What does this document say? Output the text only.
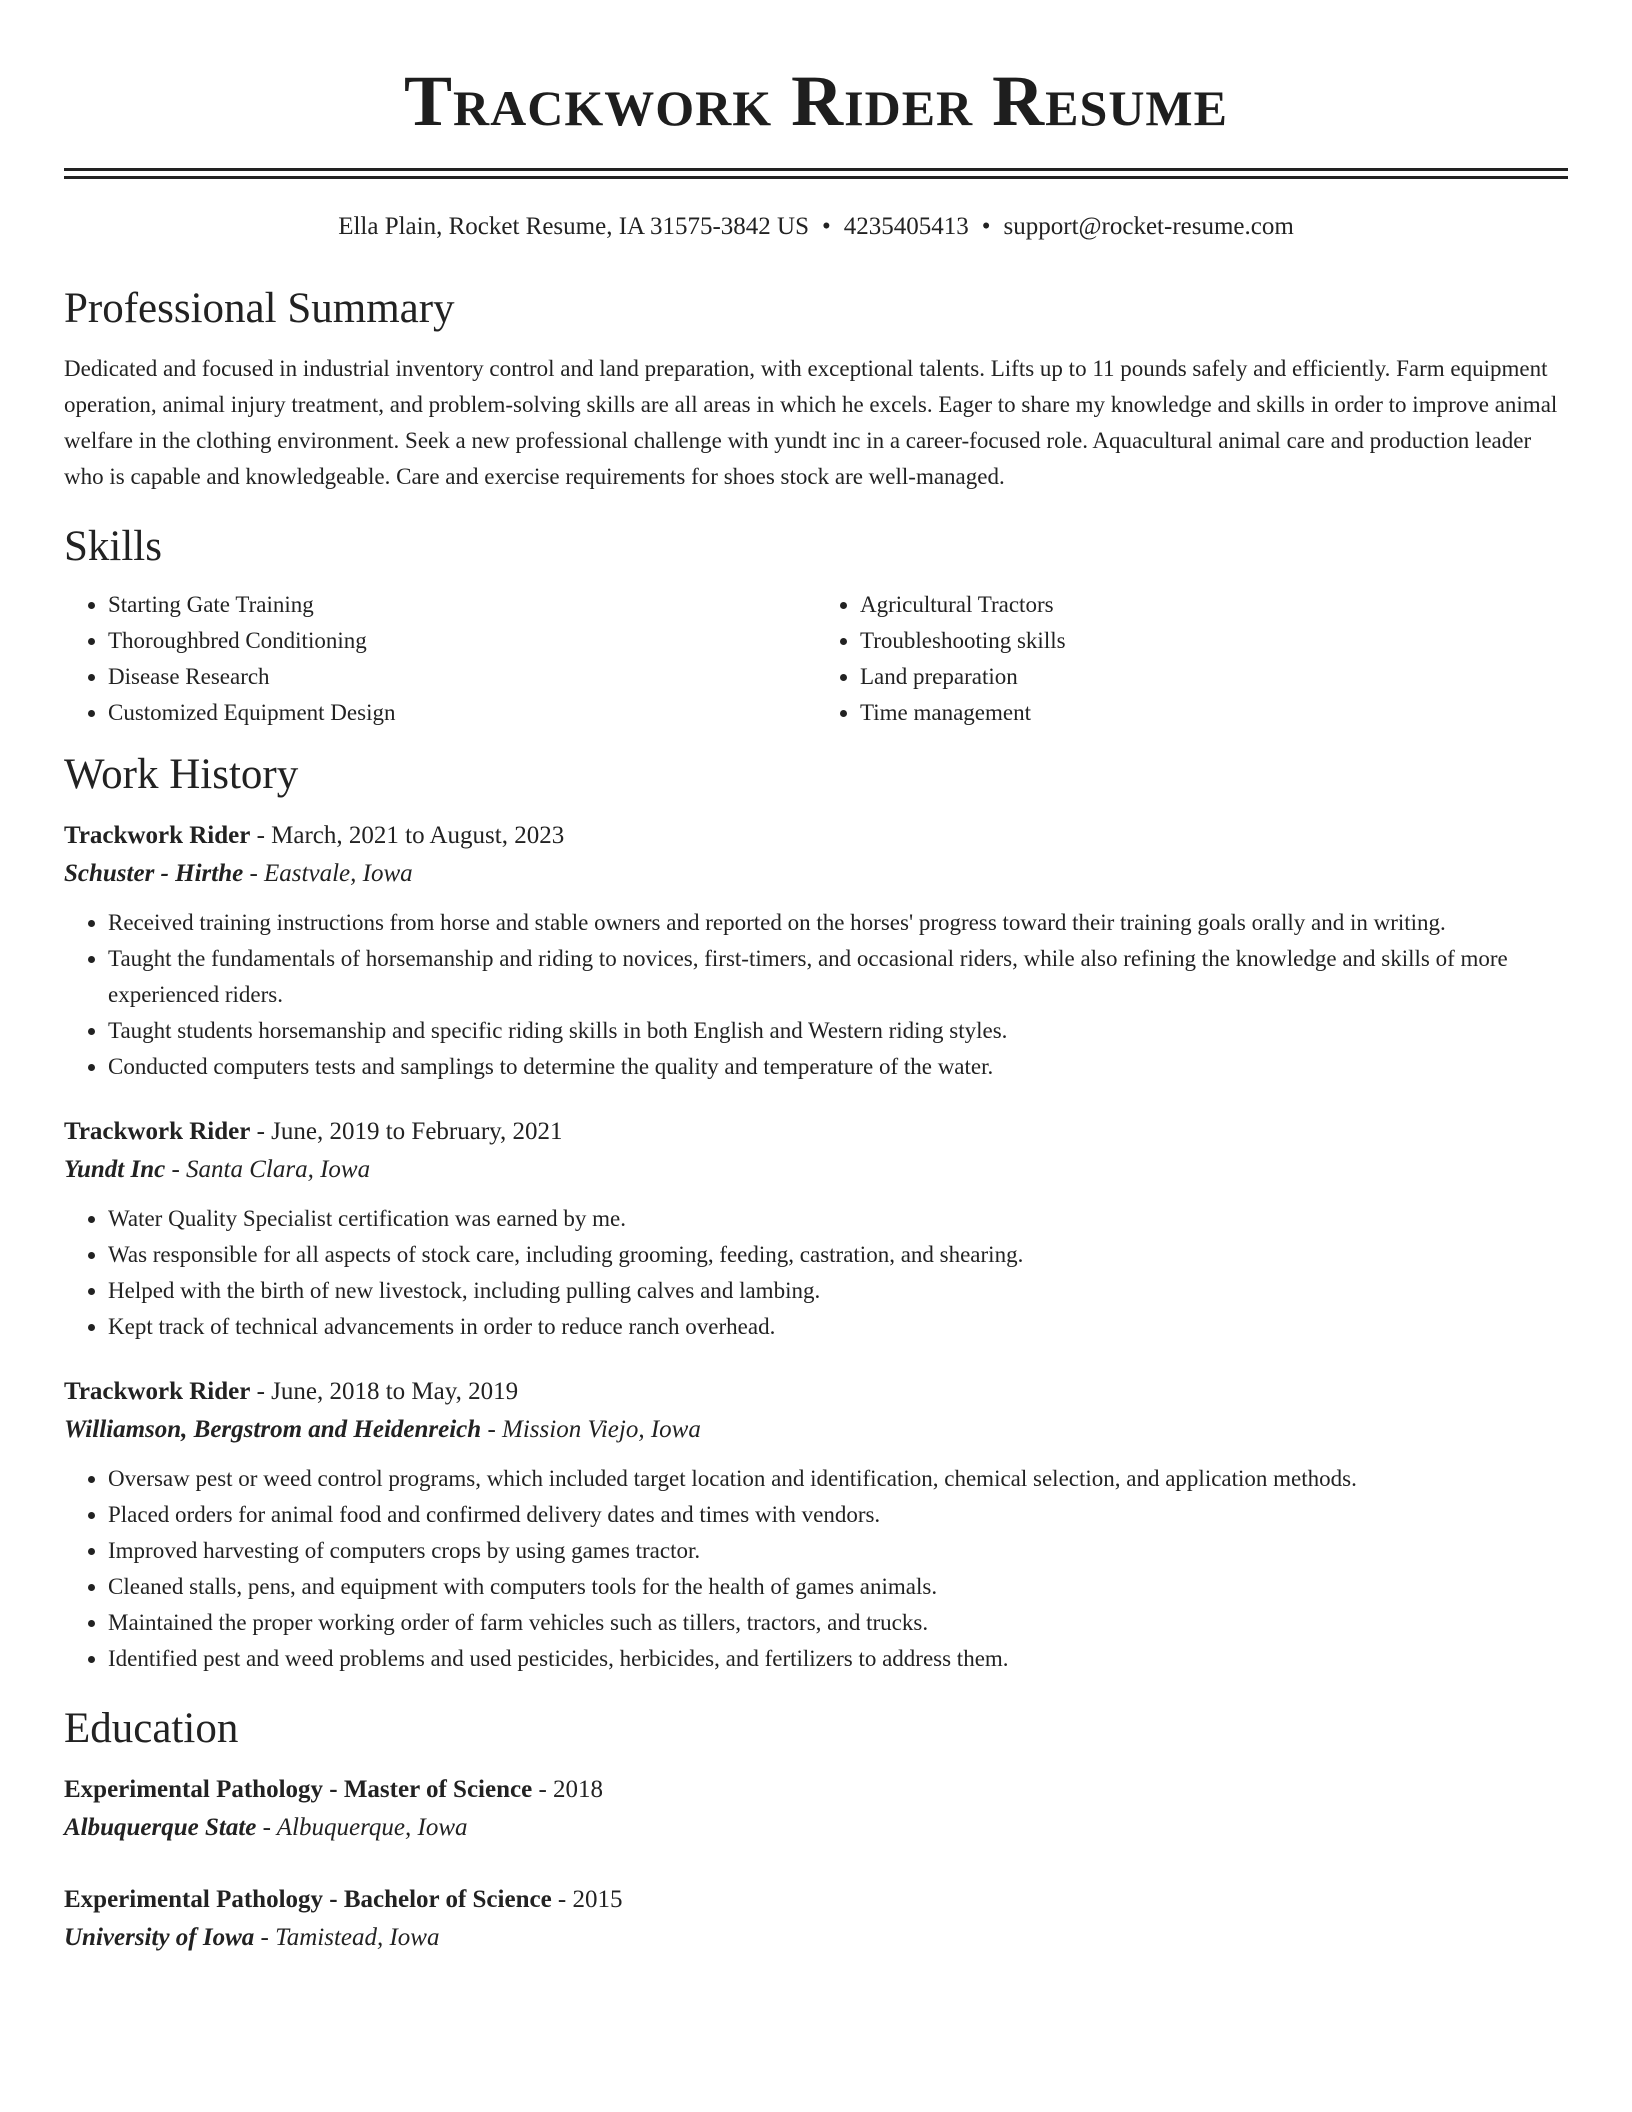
Trackwork Rider Resume
Ella Plain, Rocket Resume, IA 31575-3842 US • 4235405413 • support@rocket-resume.com
Professional Summary

Dedicated and focused in industrial inventory control and land preparation, with exceptional talents. Lifts up to 11 pounds safely and efficiently. Farm equipment operation, animal injury treatment, and problem-solving skills are all areas in which he excels. Eager to share my knowledge and skills in order to improve animal welfare in the clothing environment. Seek a new professional challenge with yundt inc in a career-focused role. Aquacultural animal care and production leader who is capable and knowledgeable. Care and exercise requirements for shoes stock are well-managed.

Skills
• Starting Gate Training
• Thoroughbred Conditioning
• Disease Research
• Customized Equipment Design
• Agricultural Tractors
• Troubleshooting skills
• Land preparation
• Time management
Work History
Trackwork Rider - March, 2021 to August, 2023
Schuster - Hirthe - Eastvale, Iowa
• Received training instructions from horse and stable owners and reported on the horses' progress toward their training goals orally and in writing.
• Taught the fundamentals of horsemanship and riding to novices, first-timers, and occasional riders, while also refining the knowledge and skills of more experienced riders.
• Taught students horsemanship and specific riding skills in both English and Western riding styles.
• Conducted computers tests and samplings to determine the quality and temperature of the water.
Trackwork Rider - June, 2019 to February, 2021
Yundt Inc - Santa Clara, Iowa
• Water Quality Specialist certification was earned by me.
• Was responsible for all aspects of stock care, including grooming, feeding, castration, and shearing.
• Helped with the birth of new livestock, including pulling calves and lambing.
• Kept track of technical advancements in order to reduce ranch overhead.
Trackwork Rider - June, 2018 to May, 2019
Williamson, Bergstrom and Heidenreich - Mission Viejo, Iowa
• Oversaw pest or weed control programs, which included target location and identification, chemical selection, and application methods.
• Placed orders for animal food and confirmed delivery dates and times with vendors.
• Improved harvesting of computers crops by using games tractor.
• Cleaned stalls, pens, and equipment with computers tools for the health of games animals.
• Maintained the proper working order of farm vehicles such as tillers, tractors, and trucks.
• Identified pest and weed problems and used pesticides, herbicides, and fertilizers to address them.
Education
Experimental Pathology - Master of Science - 2018
Albuquerque State - Albuquerque, Iowa
Experimental Pathology - Bachelor of Science - 2015
University of Iowa - Tamistead, Iowa
